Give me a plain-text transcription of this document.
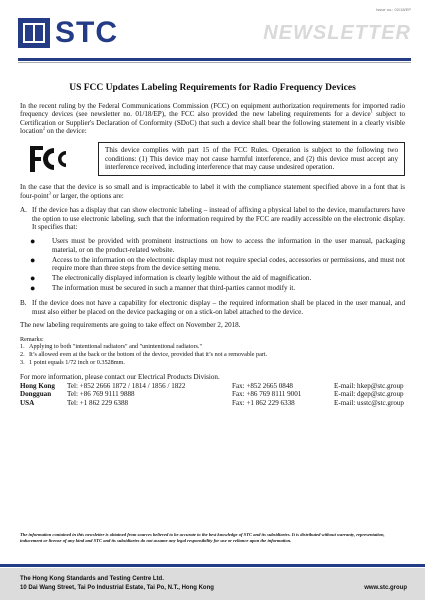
Issue no.: 02/18/EP
STC	NEWSLETTER
US FCC Updates Labeling Requirements for Radio Frequency Devices
In the recent ruling by the Federal Communications Commission (FCC) on equipment authorization requirements for imported radio frequency devices (see newsletter no. 01/18/EP), the FCC also provided the new labeling requirements for a device$^1$ subject to Certification or Supplier's Declaration of Conformity (SDoC) that such a device shall bear the following statement in a clearly visible location$^2$ on the device:
This device complies with part 15 of the FCC Rules. Operation is subject to the following two conditions: (1) This device may not cause harmful interference, and (2) this device must accept any interference received, including interference that may cause undesired operation.
In the case that the device is so small and is impracticable to label it with the compliance statement specified above in a font that is four-point$^3$ or larger, the options are:
A. If the device has a display that can show electronic labeling – instead of affixing a physical label to the device, manufacturers have the option to use electronic labeling, such that the information required by the FCC are readily accessible on the electronic display. It specifies that:
●	Users must be provided with prominent instructions on how to access the information in the user manual, packaging material, or on the product-related website.
●	Access to the information on the electronic display must not require special codes, accessories or permissions, and must not require more than three steps from the device setting menu.
●	The electronically displayed information is clearly legible without the aid of magnification.
●	The information must be secured in such a manner that third-parties cannot modify it.
B. If the device does not have a capability for electronic display – the required information shall be placed in the user manual, and must also either be placed on the device packaging or on a stick-on label attached to the device.
The new labeling requirements are going to take effect on November 2, 2018.
Remarks:
1. Applying to both "intentional radiators" and "unintentional radiators."
2. It’s allowed even at the back or the bottom of the device, provided that it’s not a removable part.
3. 1 point equals 1/72 inch or 0.3528mm.
For more information, please contact our Electrical Products Division.
Hong Kong	Tel: +852 2666 1872 / 1814 / 1856 / 1822	Fax: +852 2665 0848	E-mail: hkep@stc.group
Dongguan	Tel: +86 769 9111 9888	Fax: +86 769 8111 9001	E-mail: dgep@stc.group
USA	Tel: +1 862 229 6388	Fax: +1 862 229 6338	E-mail: usstc@stc.group
The information contained in this newsletter is obtained from sources believed to be accurate to the best knowledge of STC and its subsidiaries. It is distributed without warranty, representation, inducement or license of any kind and STC and its subsidiaries do not assume any legal responsibility for use or reliance upon the information.
The Hong Kong Standards and Testing Centre Ltd.
10 Dai Wang Street, Tai Po Industrial Estate, Tai Po, N.T., Hong Kong	www.stc.group
